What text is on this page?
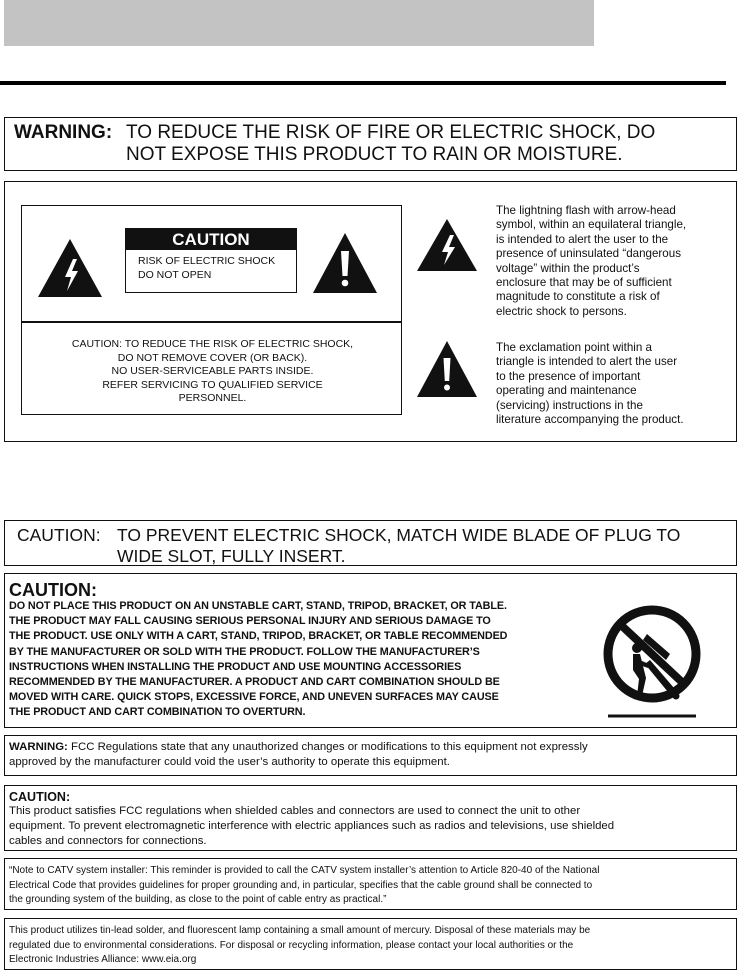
WARNING: TO REDUCE THE RISK OF FIRE OR ELECTRIC SHOCK, DO
NOT EXPOSE THIS PRODUCT TO RAIN OR MOISTURE.
CAUTION
RISK OF ELECTRIC SHOCK
DO NOT OPEN
CAUTION: TO REDUCE THE RISK OF ELECTRIC SHOCK,
DO NOT REMOVE COVER (OR BACK).
NO USER-SERVICEABLE PARTS INSIDE.
REFER SERVICING TO QUALIFIED SERVICE
PERSONNEL.
The lightning flash with arrow-head
symbol, within an equilateral triangle,
is intended to alert the user to the
presence of uninsulated “dangerous
voltage” within the product’s
enclosure that may be of sufficient
magnitude to constitute a risk of
electric shock to persons.
The exclamation point within a
triangle is intended to alert the user
to the presence of important
operating and maintenance
(servicing) instructions in the
literature accompanying the product.
CAUTION: TO PREVENT ELECTRIC SHOCK, MATCH WIDE BLADE OF PLUG TO
WIDE SLOT, FULLY INSERT.
CAUTION:
DO NOT PLACE THIS PRODUCT ON AN UNSTABLE CART, STAND, TRIPOD, BRACKET, OR TABLE.
THE PRODUCT MAY FALL CAUSING SERIOUS PERSONAL INJURY AND SERIOUS DAMAGE TO
THE PRODUCT. USE ONLY WITH A CART, STAND, TRIPOD, BRACKET, OR TABLE RECOMMENDED
BY THE MANUFACTURER OR SOLD WITH THE PRODUCT. FOLLOW THE MANUFACTURER’S
INSTRUCTIONS WHEN INSTALLING THE PRODUCT AND USE MOUNTING ACCESSORIES
RECOMMENDED BY THE MANUFACTURER. A PRODUCT AND CART COMBINATION SHOULD BE
MOVED WITH CARE. QUICK STOPS, EXCESSIVE FORCE, AND UNEVEN SURFACES MAY CAUSE
THE PRODUCT AND CART COMBINATION TO OVERTURN.
WARNING: FCC Regulations state that any unauthorized changes or modifications to this equipment not expressly
approved by the manufacturer could void the user’s authority to operate this equipment.
CAUTION:
This product satisfies FCC regulations when shielded cables and connectors are used to connect the unit to other
equipment. To prevent electromagnetic interference with electric appliances such as radios and televisions, use shielded
cables and connectors for connections.
“Note to CATV system installer: This reminder is provided to call the CATV system installer’s attention to Article 820-40 of the National
Electrical Code that provides guidelines for proper grounding and, in particular, specifies that the cable ground shall be connected to
the grounding system of the building, as close to the point of cable entry as practical.”
This product utilizes tin-lead solder, and fluorescent lamp containing a small amount of mercury. Disposal of these materials may be
regulated due to environmental considerations. For disposal or recycling information, please contact your local authorities or the
Electronic Industries Alliance: www.eia.org
